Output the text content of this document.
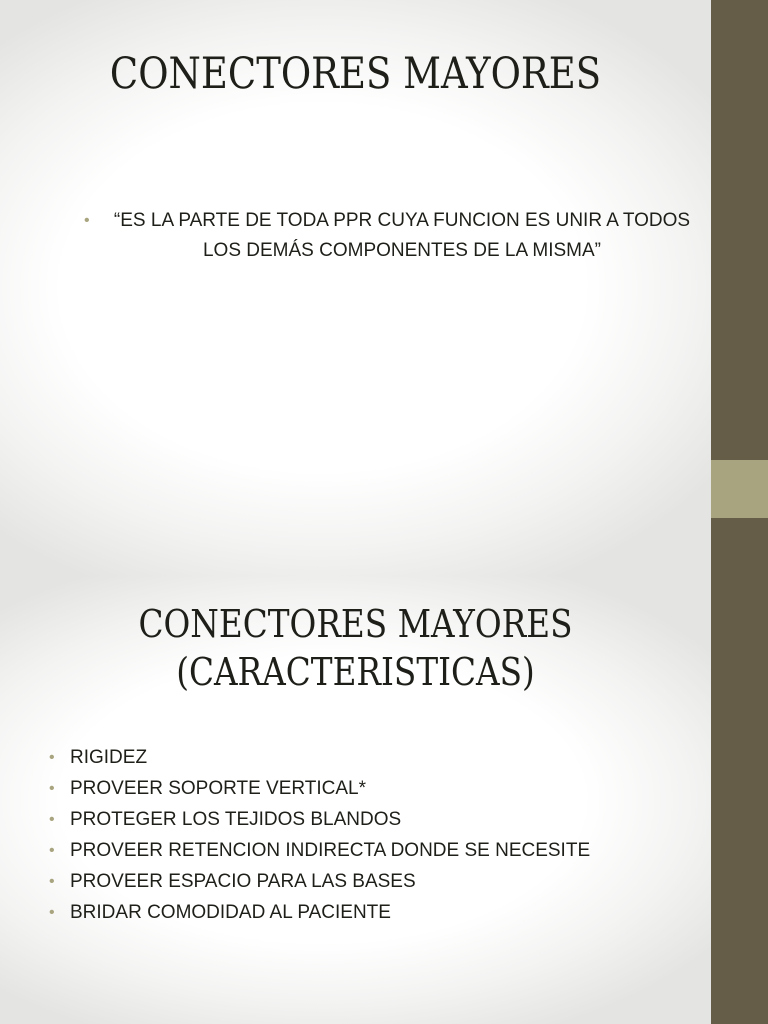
CONECTORES MAYORES
• “ES LA PARTE DE TODA PPR CUYA FUNCION ES UNIR A TODOS LOS DEMÁS COMPONENTES DE LA MISMA”
CONECTORES MAYORES
(CARACTERISTICAS)
• RIGIDEZ
• PROVEER SOPORTE VERTICAL*
• PROTEGER LOS TEJIDOS BLANDOS
• PROVEER RETENCION INDIRECTA DONDE SE NECESITE
• PROVEER ESPACIO PARA LAS BASES
• BRIDAR COMODIDAD AL PACIENTE
